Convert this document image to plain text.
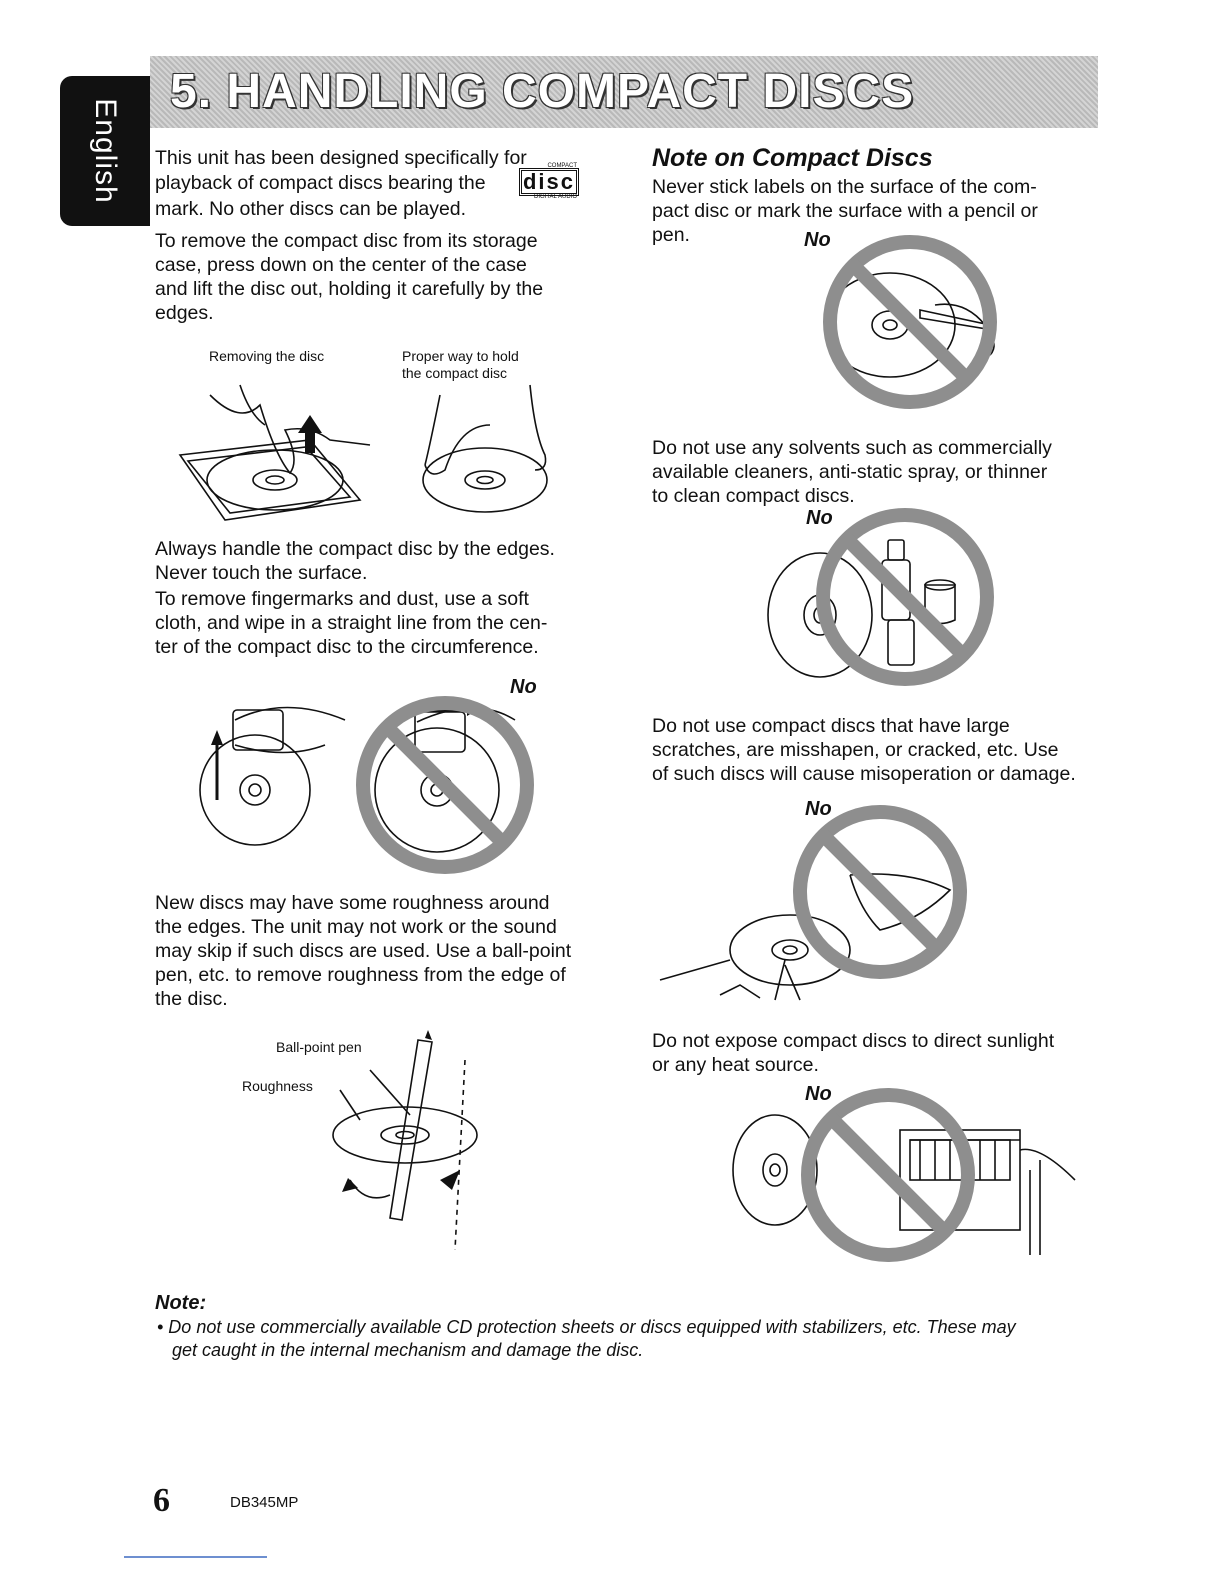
English
5. HANDLING COMPACT DISCS
This unit has been designed specifically for
playback of compact discs bearing the
COMPACT
disc
DIGITAL AUDIO
mark. No other discs can be played.
To remove the compact disc from its storage
case, press down on the center of the case
and lift the disc out, holding it carefully by the
edges.
Removing the disc	Proper way to hold
the compact disc
Always handle the compact disc by the edges.
Never touch the surface.
To remove fingermarks and dust, use a soft
cloth, and wipe in a straight line from the cen-
ter of the compact disc to the circumference.
No
New discs may have some roughness around
the edges. The unit may not work or the sound
may skip if such discs are used. Use a ball-point
pen, etc. to remove roughness from the edge of
the disc.
Ball-point pen
Roughness
Note on Compact Discs
Never stick labels on the surface of the com-
pact disc or mark the surface with a pencil or
pen.	No
Do not use any solvents such as commercially
available cleaners, anti-static spray, or thinner
to clean compact discs.
No
Do not use compact discs that have large
scratches, are misshapen, or cracked, etc. Use
of such discs will cause misoperation or damage.
No
Do not expose compact discs to direct sunlight
or any heat source.
No
Note:
• Do not use commercially available CD protection sheets or discs equipped with stabilizers, etc. These may
get caught in the internal mechanism and damage the disc.
6	DB345MP
